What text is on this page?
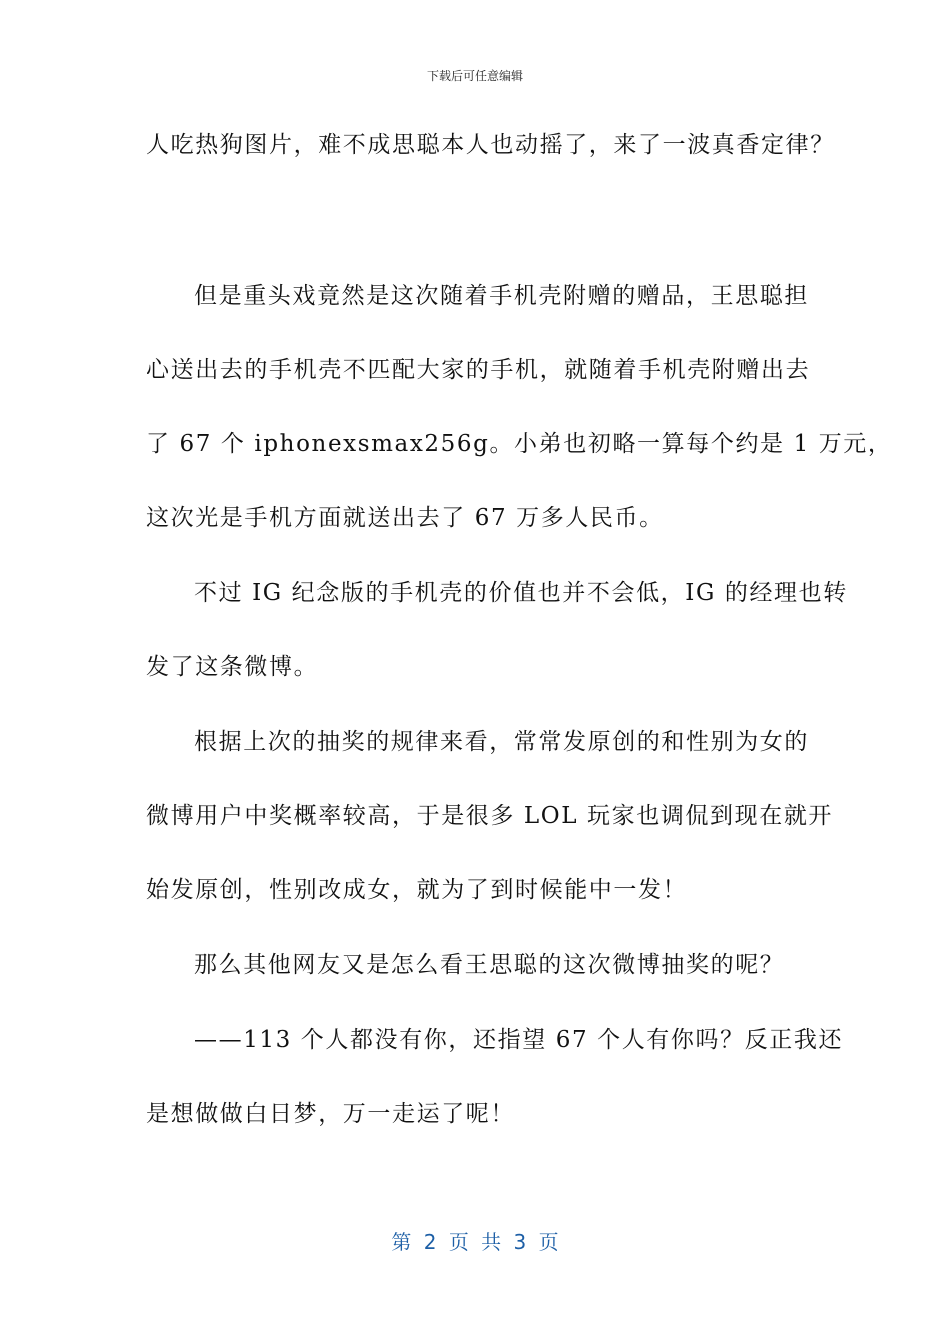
下载后可任意编辑
人吃热狗图片，难不成思聪本人也动摇了，来了一波真香定律？
但是重头戏竟然是这次随着手机壳附赠的赠品，王思聪担
心送出去的手机壳不匹配大家的手机，就随着手机壳附赠出去
了 67 个 iphonexsmax256g。小弟也初略一算每个约是 1 万元，
这次光是手机方面就送出去了 67 万多人民币。
不过 IG 纪念版的手机壳的价值也并不会低，IG 的经理也转
发了这条微博。
根据上次的抽奖的规律来看，常常发原创的和性别为女的
微博用户中奖概率较高，于是很多 LOL 玩家也调侃到现在就开
始发原创，性别改成女，就为了到时候能中一发！
那么其他网友又是怎么看王思聪的这次微博抽奖的呢？
——113 个人都没有你，还指望 67 个人有你吗？反正我还
是想做做白日梦，万一走运了呢！
第 2 页 共 3 页
